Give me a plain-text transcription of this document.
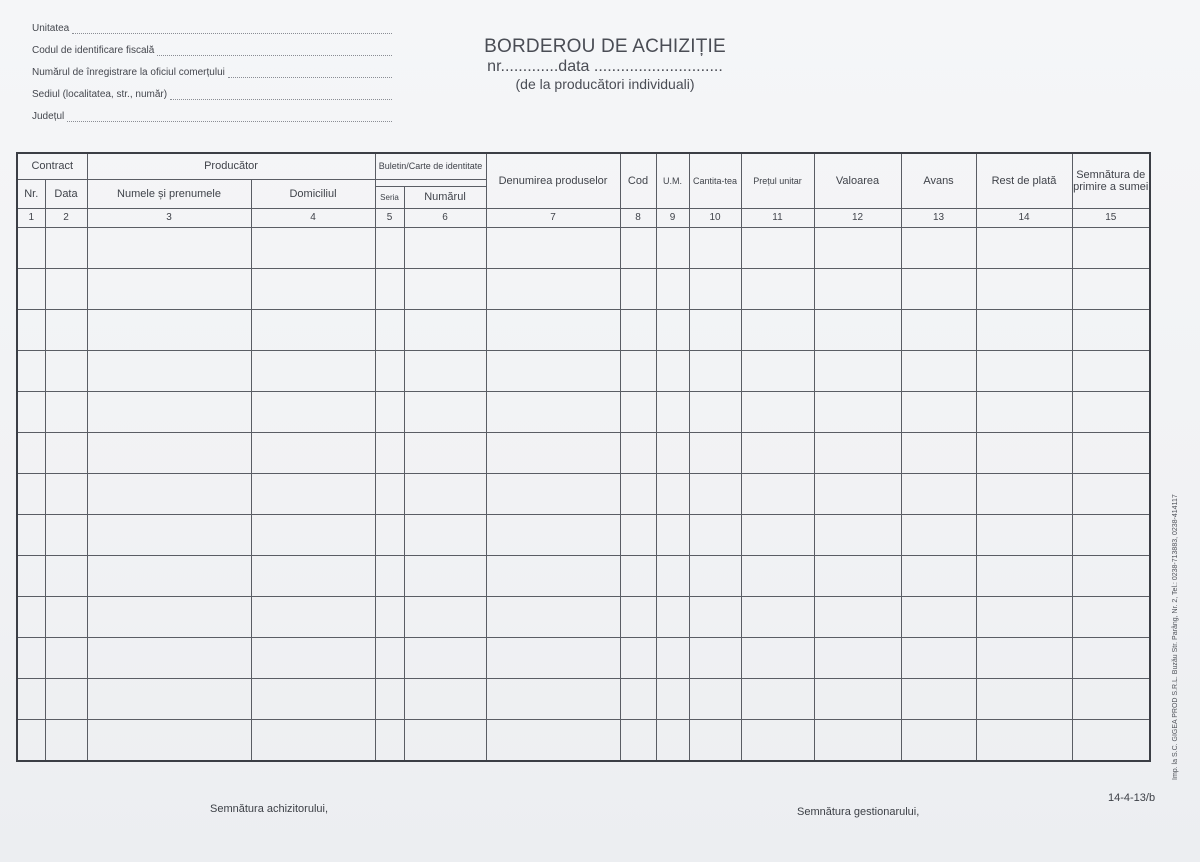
Unitatea
Codul de identificare fiscală
Numărul de înregistrare la oficiul comerțului
Sediul (localitatea, str., număr)
Județul
BORDEROU DE ACHIZIȚIE
nr.............data .............................
(de la producători individuali)
Contract		Producător		Buletin/Carte de identitate		Denumirea produselor	Cod	U.M.	Cantita-tea	Prețul unitar	Valoarea	Avans	Rest de plată	Semnătura de primire a sumei
Nr.	Data	Numele și prenumele	Domiciliul											
				Seria	Numărul									
1	2	3	4	5	6	7	8	9	10	11	12	13	14	15

Semnătura achizitorului,	Semnătura gestionarului,
14-4-13/b
Imp. la S.C. GIGEA PROD S.R.L. Buzău Str. Parâng, Nr. 2, Tel.: 0238-713883, 0238-414117
